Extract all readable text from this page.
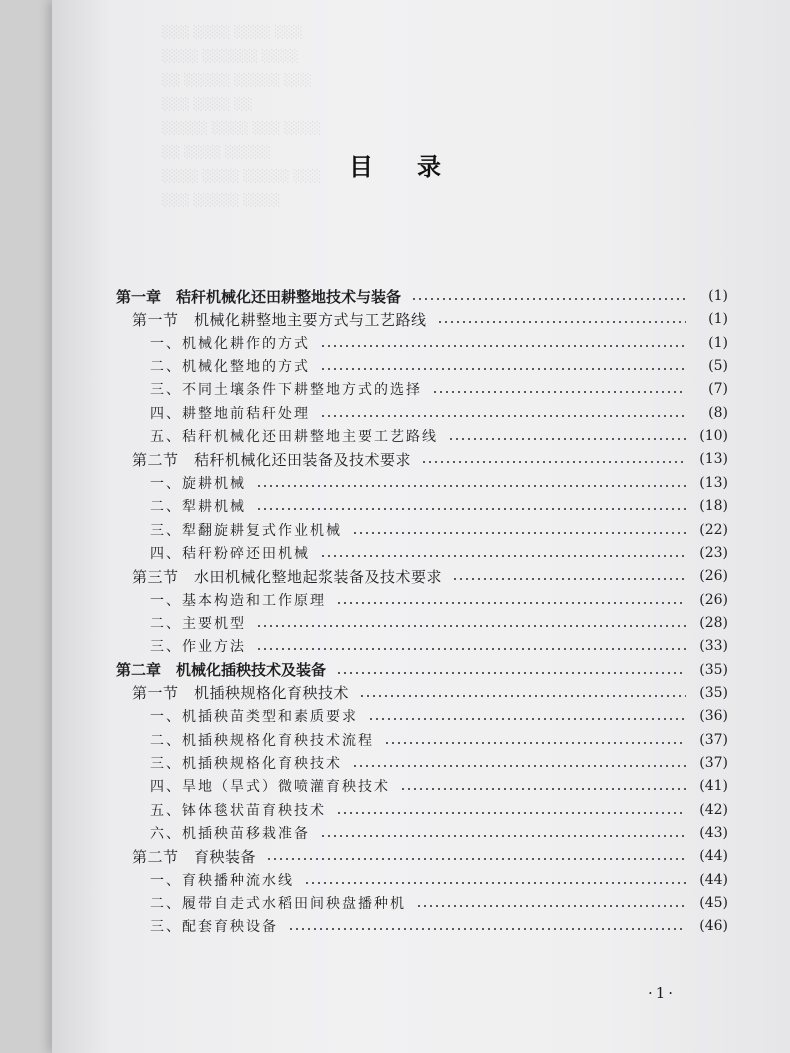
░░░ ░░░░ ░░░░ ░░░
░░░░ ░░░░░░ ░░░░
░░ ░░░░░ ░░░░░ ░░░
░░░ ░░░░ ░░
░░░░░ ░░░░ ░░░ ░░░░
░░ ░░░░ ░░░░░
░░░░ ░░░░ ░░░░░ ░░░
░░░ ░░░░░ ░░░░
目录
第一章　秸秆机械化还田耕整地技术与装备	(1)
第一节　机械化耕整地主要方式与工艺路线	(1)
一、机械化耕作的方式	(1)
二、机械化整地的方式	(5)
三、不同土壤条件下耕整地方式的选择	(7)
四、耕整地前秸秆处理	(8)
五、秸秆机械化还田耕整地主要工艺路线	(10)
第二节　秸秆机械化还田装备及技术要求	(13)
一、旋耕机械	(13)
二、犁耕机械	(18)
三、犁翻旋耕复式作业机械	(22)
四、秸秆粉碎还田机械	(23)
第三节　水田机械化整地起浆装备及技术要求	(26)
一、基本构造和工作原理	(26)
二、主要机型	(28)
三、作业方法	(33)
第二章　机械化插秧技术及装备	(35)
第一节　机插秧规格化育秧技术	(35)
一、机插秧苗类型和素质要求	(36)
二、机插秧规格化育秧技术流程	(37)
三、机插秧规格化育秧技术	(37)
四、旱地（旱式）微喷灌育秧技术	(41)
五、钵体毯状苗育秧技术	(42)
六、机插秧苗移栽准备	(43)
第二节　育秧装备	(44)
一、育秧播种流水线	(44)
二、履带自走式水稻田间秧盘播种机	(45)
三、配套育秧设备	(46)
·1·
